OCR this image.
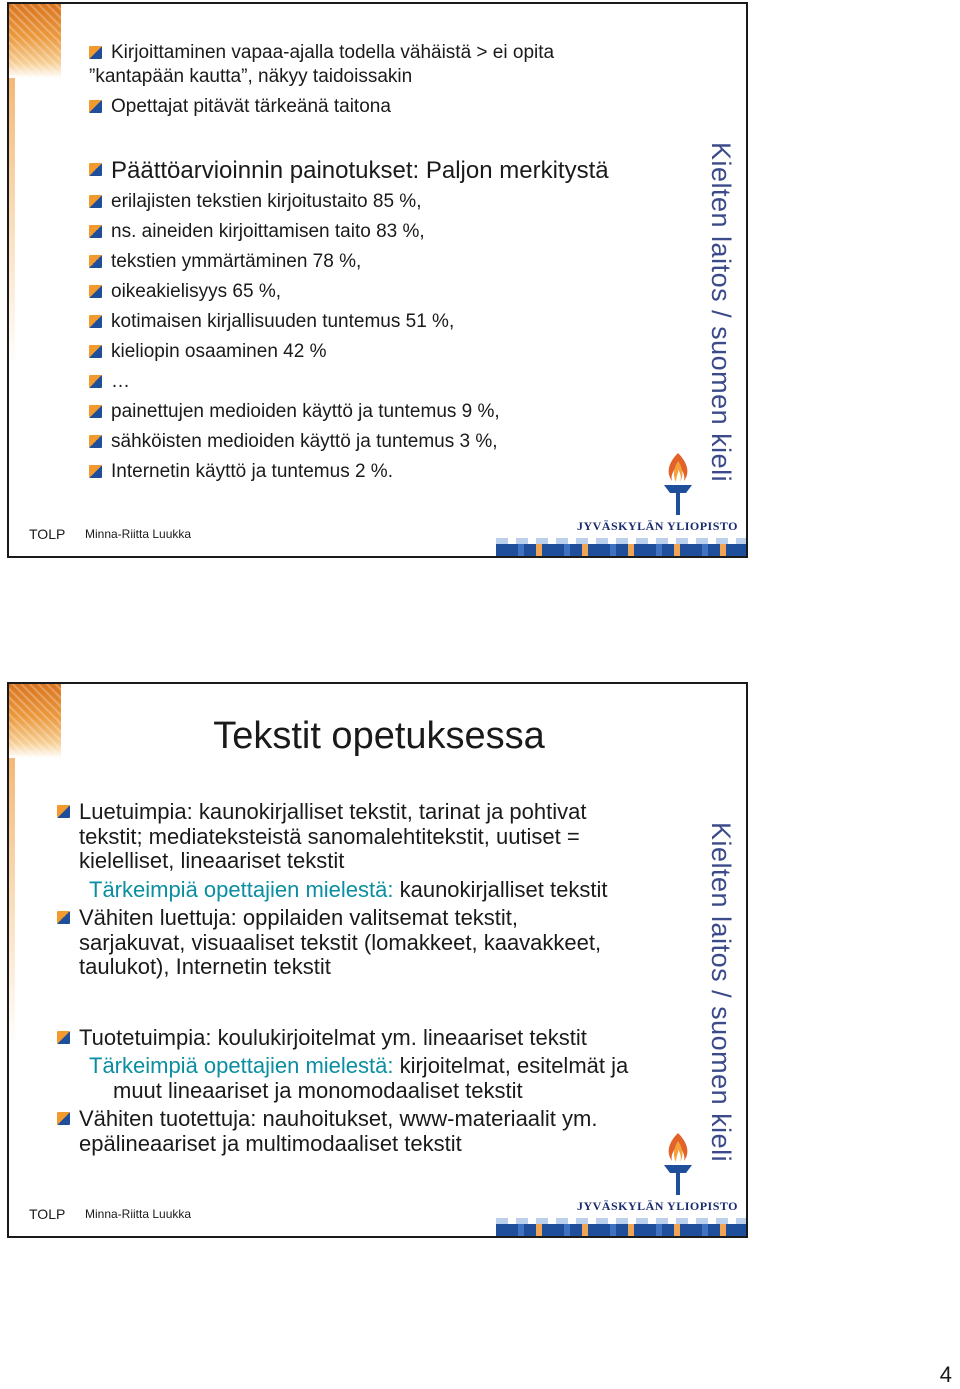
Kirjoittaminen vapaa-ajalla todella vähäistä > ei opita
”kantapään kautta”, näkyy taidoissakin
Opettajat pitävät tärkeänä taitona
Päättöarvioinnin painotukset: Paljon merkitystä
erilajisten tekstien kirjoitustaito 85 %,
ns. aineiden kirjoittamisen taito 83 %,
tekstien ymmärtäminen 78 %,
oikeakielisyys 65 %,
kotimaisen kirjallisuuden tuntemus 51 %,
kieliopin osaaminen 42 %
…
painettujen medioiden käyttö ja tuntemus 9 %,
sähköisten medioiden käyttö ja tuntemus 3 %,
Internetin käyttö ja tuntemus 2 %.	Kielten laitos / suomen kieli
TOLP Minna-Riitta Luukka
JYVÄSKYLÄN YLIOPISTO
Tekstit opetuksessa
Luetuimpia: kaunokirjalliset tekstit, tarinat ja pohtivat
tekstit; mediateksteistä sanomalehtitekstit, uutiset =
kielelliset, lineaariset tekstit
Tärkeimpiä opettajien mielestä: kaunokirjalliset tekstit
Vähiten luettuja: oppilaiden valitsemat tekstit,
sarjakuvat, visuaaliset tekstit (lomakkeet, kaavakkeet,
taulukot), Internetin tekstit
Tuotetuimpia: koulukirjoitelmat ym. lineaariset tekstit
Tärkeimpiä opettajien mielestä: kirjoitelmat, esitelmät ja
muut lineaariset ja monomodaaliset tekstit
Vähiten tuotettuja: nauhoitukset, www-materiaalit ym.
epälineaariset ja multimodaaliset tekstit	Kielten laitos / suomen kieli
TOLP Minna-Riitta Luukka
JYVÄSKYLÄN YLIOPISTO
4
